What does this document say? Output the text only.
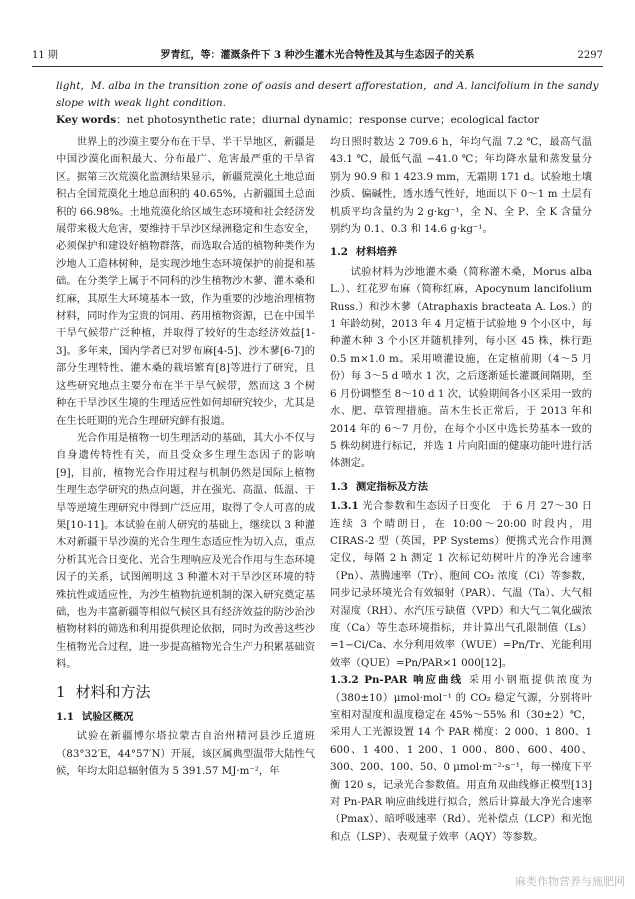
11 期	罗青红，等：灌溉条件下 3 种沙生灌木光合特性及其与生态因子的关系	2297

light，M. alba in the transition zone of oasis and desert afforestation，and A. lancifolium in the sandy slope with weak light condition.

Key words：net photosynthetic rate；diurnal dynamic；response curve；ecological factor

世界上的沙漠主要分布在干旱、半干旱地区，新疆是中国沙漠化面积最大、分布最广、危害最严重的干旱省区。据第三次荒漠化监测结果显示，新疆荒漠化土地总面积占全国荒漠化土地总面积的 40.65%，占新疆国土总面积的 66.98%。土地荒漠化给区域生态环境和社会经济发展带来极大危害，要维持干旱沙区绿洲稳定和生态安全，必须保护和建设好植物群落，而选取合适的植物种类作为沙地人工造林树种，是实现沙地生态环境保护的前提和基础。在分类学上属于不同科的沙生植物沙木蓼、灌木桑和红麻，其原生大环境基本一致，作为重要的沙地治理植物材料，同时作为宝贵的饲用、药用植物资源，已在中国半干旱气候带广泛种植，并取得了较好的生态经济效益[1-3]。多年来，国内学者已对罗布麻[4-5]、沙木蓼[6-7]的部分生理特性、灌木桑的栽培繁育[8]等进行了研究，且这些研究地点主要分布在半干旱气候带，然而这 3 个树种在干旱沙区生境的生理适应性如何却研究较少，尤其是在生长旺期的光合生理研究鲜有报道。

光合作用是植物一切生理活动的基础，其大小不仅与自身遗传特性有关，而且受众多生理生态因子的影响[9]，目前，植物光合作用过程与机制仍然是国际上植物生理生态学研究的热点问题，并在强光、高温、低温、干旱等逆境生理研究中得到广泛应用，取得了令人可喜的成果[10-11]。本试验在前人研究的基础上，继续以 3 种灌木对新疆干旱沙漠的光合生理生态适应性为切入点，重点分析其光合日变化、光合生理响应及光合作用与生态环境因子的关系，试图阐明这 3 种灌木对干旱沙区环境的特殊抗性或适应性，为沙生植物抗逆机制的深入研究奠定基础，也为丰富新疆等相似气候区具有经济效益的防沙治沙植物材料的筛选和利用提供理论依据，同时为改善这些沙生植物光合过程，进一步提高植物光合生产力积累基础资料。

1 材料和方法
1.1 试验区概况

试验在新疆博尔塔拉蒙古自治州精河县沙丘道班（83°32′E，44°57′N）开展，该区属典型温带大陆性气候，年均太阳总辐射值为 5 391.57 MJ·m⁻²，年

均日照时数达 2 709.6 h，年均气温 7.2 ℃，最高气温 43.1 ℃，最低气温 −41.0 ℃；年均降水量和蒸发量分别为 90.9 和 1 423.9 mm，无霜期 171 d。试验地土壤沙质、偏碱性，透水透气性好，地面以下 0～1 m 土层有机质平均含量约为 2 g·kg⁻¹，全 N、全 P、全 K 含量分别约为 0.1、0.3 和 14.6 g·kg⁻¹。

1.2 材料培养

试验材料为沙地灌木桑（简称灌木桑，Morus alba L.）、红花罗布麻（简称红麻，Apocynum lancifolium Russ.）和沙木蓼（Atraphaxis bracteata A. Los.）的 1 年龄幼树，2013 年 4 月定植于试验地 9 个小区中，每种灌木种 3 个小区并随机排列，每小区 45 株，株行距 0.5 m×1.0 m。采用喷灌设施，在定植前期（4～5 月份）每 3～5 d 喷水 1 次，之后逐渐延长灌溉间隔期，至 6 月份调整至 8～10 d 1 次，试验期间各小区采用一致的水、肥、草管理措施。苗木生长正常后，于 2013 年和 2014 年的 6～7 月份，在每个小区中选长势基本一致的 5 株幼树进行标记，并选 1 片向阳面的健康功能叶进行活体测定。

1.3 测定指标及方法

1.3.1 光合参数和生态因子日变化　于 6 月 27～30 日连续 3 个晴朗日，在 10:00～20:00 时段内，用 CIRAS-2 型（英国，PP Systems）便携式光合作用测定仪，每隔 2 h 测定 1 次标记幼树叶片的净光合速率（Pn）、蒸腾速率（Tr）、胞间 CO₂ 浓度（Ci）等参数，同步记录环境光合有效辐射（PAR）、气温（Ta）、大气相对湿度（RH）、水汽压亏缺值（VPD）和大气二氧化碳浓度（Ca）等生态环境指标，并计算出气孔限制值（Ls）=1−Ci/Ca、水分利用效率（WUE）=Pn/Tr、光能利用效率（QUE）=Pn/PAR×1 000[12]。

1.3.2 Pn-PAR 响应曲线 采用小钢瓶提供浓度为（380±10）μmol·mol⁻¹ 的 CO₂ 稳定气源，分别将叶室相对湿度和温度稳定在 45%～55% 和（30±2）℃，采用人工光源设置 14 个 PAR 梯度：2 000、1 800、1 600、1 400、1 200、1 000、800、600、400、300、200、100、50、0 μmol·m⁻²·s⁻¹，每一梯度下平衡 120 s，记录光合参数值。用直角双曲线修正模型[13]对 Pn-PAR 响应曲线进行拟合，然后计算最大净光合速率（Pmax）、暗呼吸速率（Rd）、光补偿点（LCP）和光饱和点（LSP）、表观量子效率（AQY）等参数。

麻类作物营养与施肥网
